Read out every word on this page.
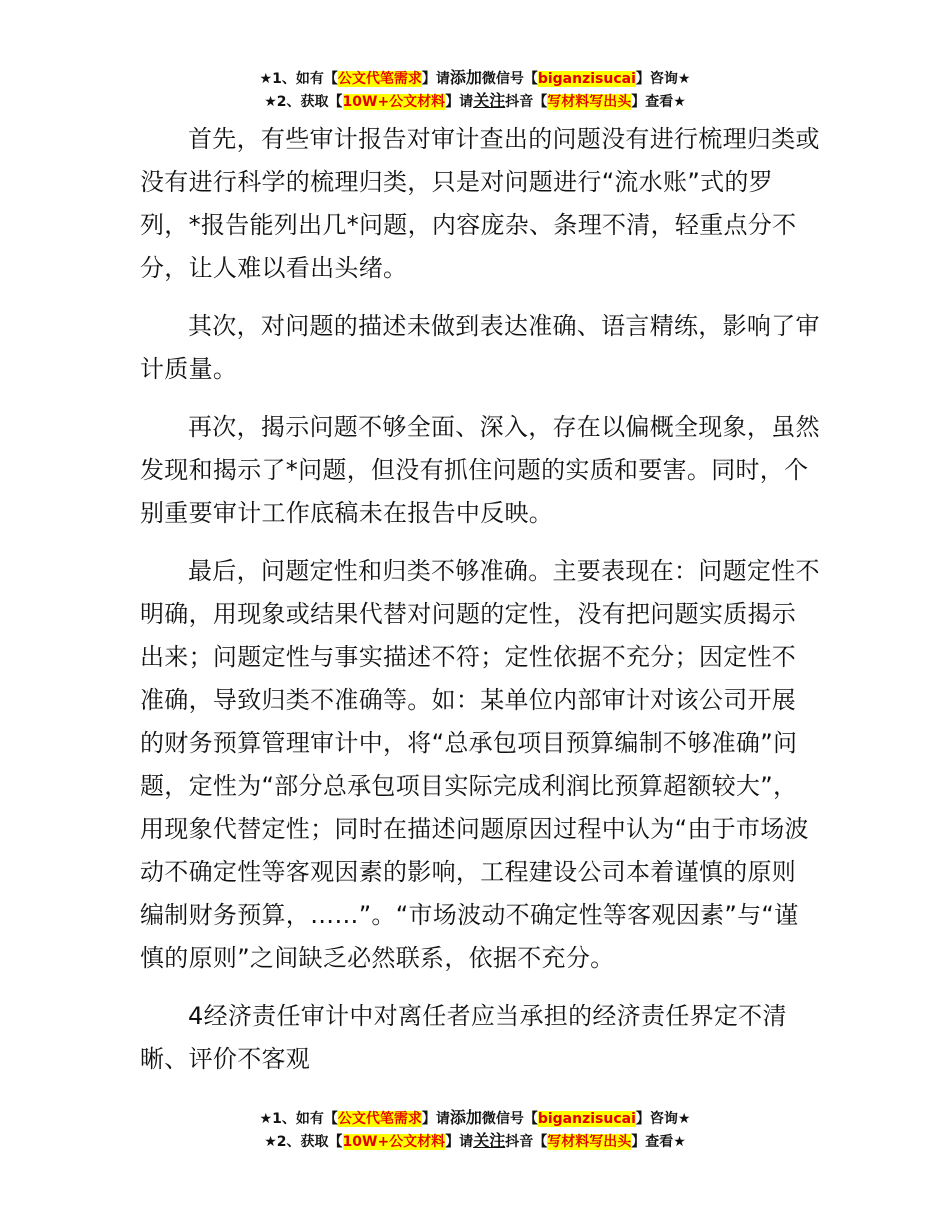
★1、如有【公文代笔需求】请添加微信号【biganzisucai】咨询★
★2、获取【10W+公文材料】请关注抖音【写材料写出头】查看★

首先，有些审计报告对审计查出的问题没有进行梳理归类或没有进行科学的梳理归类，只是对问题进行“流水账”式的罗列，*报告能列出几*问题，内容庞杂、条理不清，轻重点分不分，让人难以看出头绪。

其次，对问题的描述未做到表达准确、语言精练，影响了审计质量。

再次，揭示问题不够全面、深入，存在以偏概全现象，虽然发现和揭示了*问题，但没有抓住问题的实质和要害。同时，个别重要审计工作底稿未在报告中反映。

最后，问题定性和归类不够准确。主要表现在：问题定性不明确，用现象或结果代替对问题的定性，没有把问题实质揭示出来；问题定性与事实描述不符；定性依据不充分；因定性不准确，导致归类不准确等。如：某单位内部审计对该公司开展的财务预算管理审计中，将“总承包项目预算编制不够准确”问题，定性为“部分总承包项目实际完成利润比预算超额较大”，用现象代替定性；同时在描述问题原因过程中认为“由于市场波动不确定性等客观因素的影响，工程建设公司本着谨慎的原则编制财务预算，……”。“市场波动不确定性等客观因素”与“谨慎的原则”之间缺乏必然联系，依据不充分。

4经济责任审计中对离任者应当承担的经济责任界定不清晰、评价不客观

★1、如有【公文代笔需求】请添加微信号【biganzisucai】咨询★
★2、获取【10W+公文材料】请关注抖音【写材料写出头】查看★
